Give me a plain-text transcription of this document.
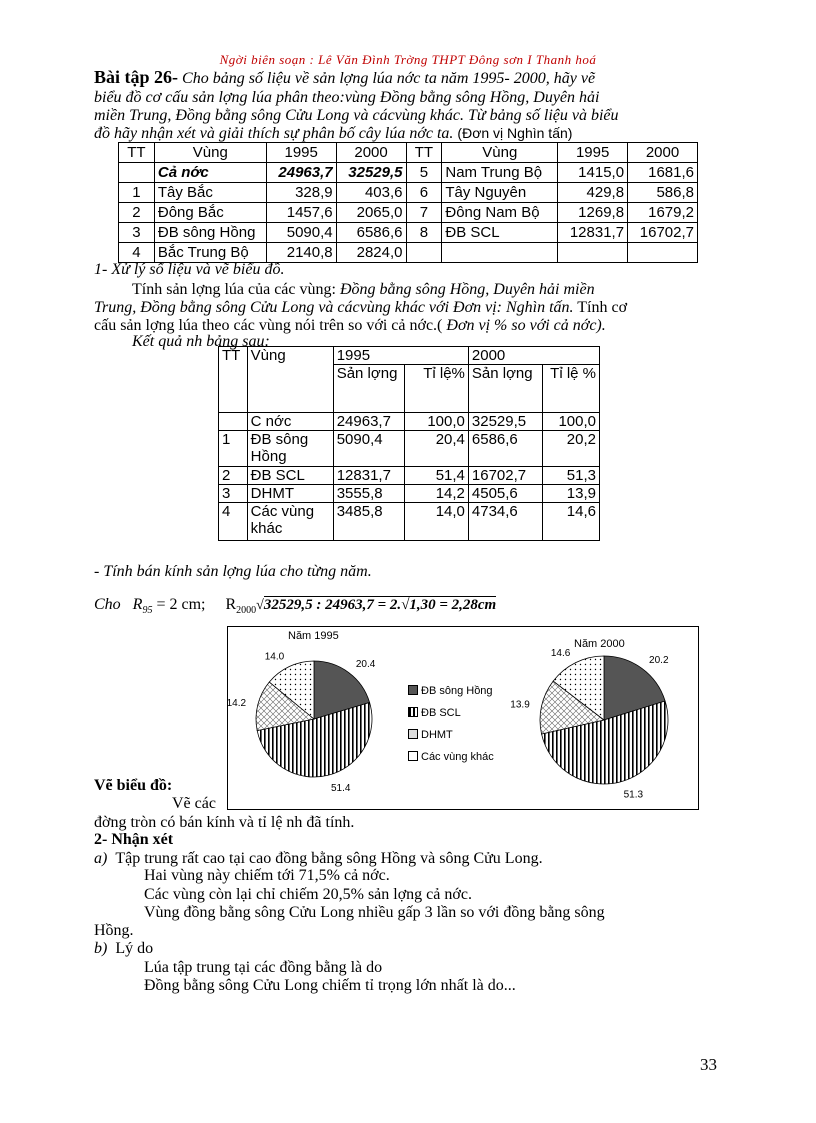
Ngời biên soạn : Lê Văn Đình Trờng THPT Đông sơn I Thanh hoá
Bài tập 26- Cho bảng số liệu về sản lợng lúa nớc ta năm 1995- 2000, hãy vẽ
biểu đồ cơ cấu sản lợng lúa phân theo:vùng Đồng bằng sông Hồng, Duyên hải
miền Trung, Đồng bằng sông Cửu Long và cácvùng khác. Từ bảng số liệu và biểu
đồ hãy nhận xét và giải thích sự phân bố cây lúa nớc ta. (Đơn vị Nghìn tấn)
TT	Vùng	1995	2000	TT	Vùng	1995	2000
	Cả nớc	24963,7	32529,5	5	Nam Trung Bộ	1415,0	1681,6
1	Tây Bắc	328,9	403,6	6	Tây Nguyên	429,8	586,8
2	Đông Bắc	1457,6	2065,0	7	Đông Nam Bộ	1269,8	1679,2
3	ĐB sông Hồng	5090,4	6586,6	8	ĐB SCL	12831,7	16702,7
4	Bắc Trung Bộ	2140,8	2824,0				
1- Xử lý số liệu và vẽ biểu đồ.
Tính sản lợng lúa của các vùng: Đồng bằng sông Hồng, Duyên hải miền
Trung, Đồng bằng sông Cửu Long và cácvùng khác với Đơn vị: Nghìn tấn. Tính cơ
cấu sản lợng lúa theo các vùng nói trên so với cả nớc.( Đơn vị % so với cả nớc).
Kết quả nh bảng sau:
TT	Vùng	1995		2000	
		Sản lợng	Tỉ lệ%	Sản lợng	Tỉ lệ %
	C nớc	24963,7	100,0	32529,5	100,0
1	ĐB sông Hồng	5090,4	20,4	6586,6	20,2
2	ĐB SCL	12831,7	51,4	16702,7	51,3
3	DHMT	3555,8	14,2	4505,6	13,9
4	Các vùng khác	3485,8	14,0	4734,6	14,6
- Tính bán kính sản lợng lúa cho từng năm.
Cho $R_{95} = 2$ cm; $R_{2000}√32529,5$ : 24963,7 = 2.√1,30 = 2,28cm
Năm 1995
20.4
51.4
14.2
14.0
Năm 2000
20.2
51.3
13.9
14.6
ĐB sông Hồng
ĐB SCL
DHMT
Các vùng khác
Vẽ biểu đồ:
Vẽ các
đờng tròn có bán kính và tỉ lệ nh đã tính.
2- Nhận xét
a) Tập trung rất cao tại cao đồng bằng sông Hồng và sông Cửu Long.
Hai vùng này chiếm tới 71,5% cả nớc.
Các vùng còn lại chỉ chiếm 20,5% sản lợng cả nớc.
Vùng đồng bằng sông Cửu Long nhiều gấp 3 lần so với đồng bằng sông
Hồng.
b) Lý do
Lúa tập trung tại các đồng bằng là do
Đồng bằng sông Cửu Long chiếm tỉ trọng lớn nhất là do...
33
